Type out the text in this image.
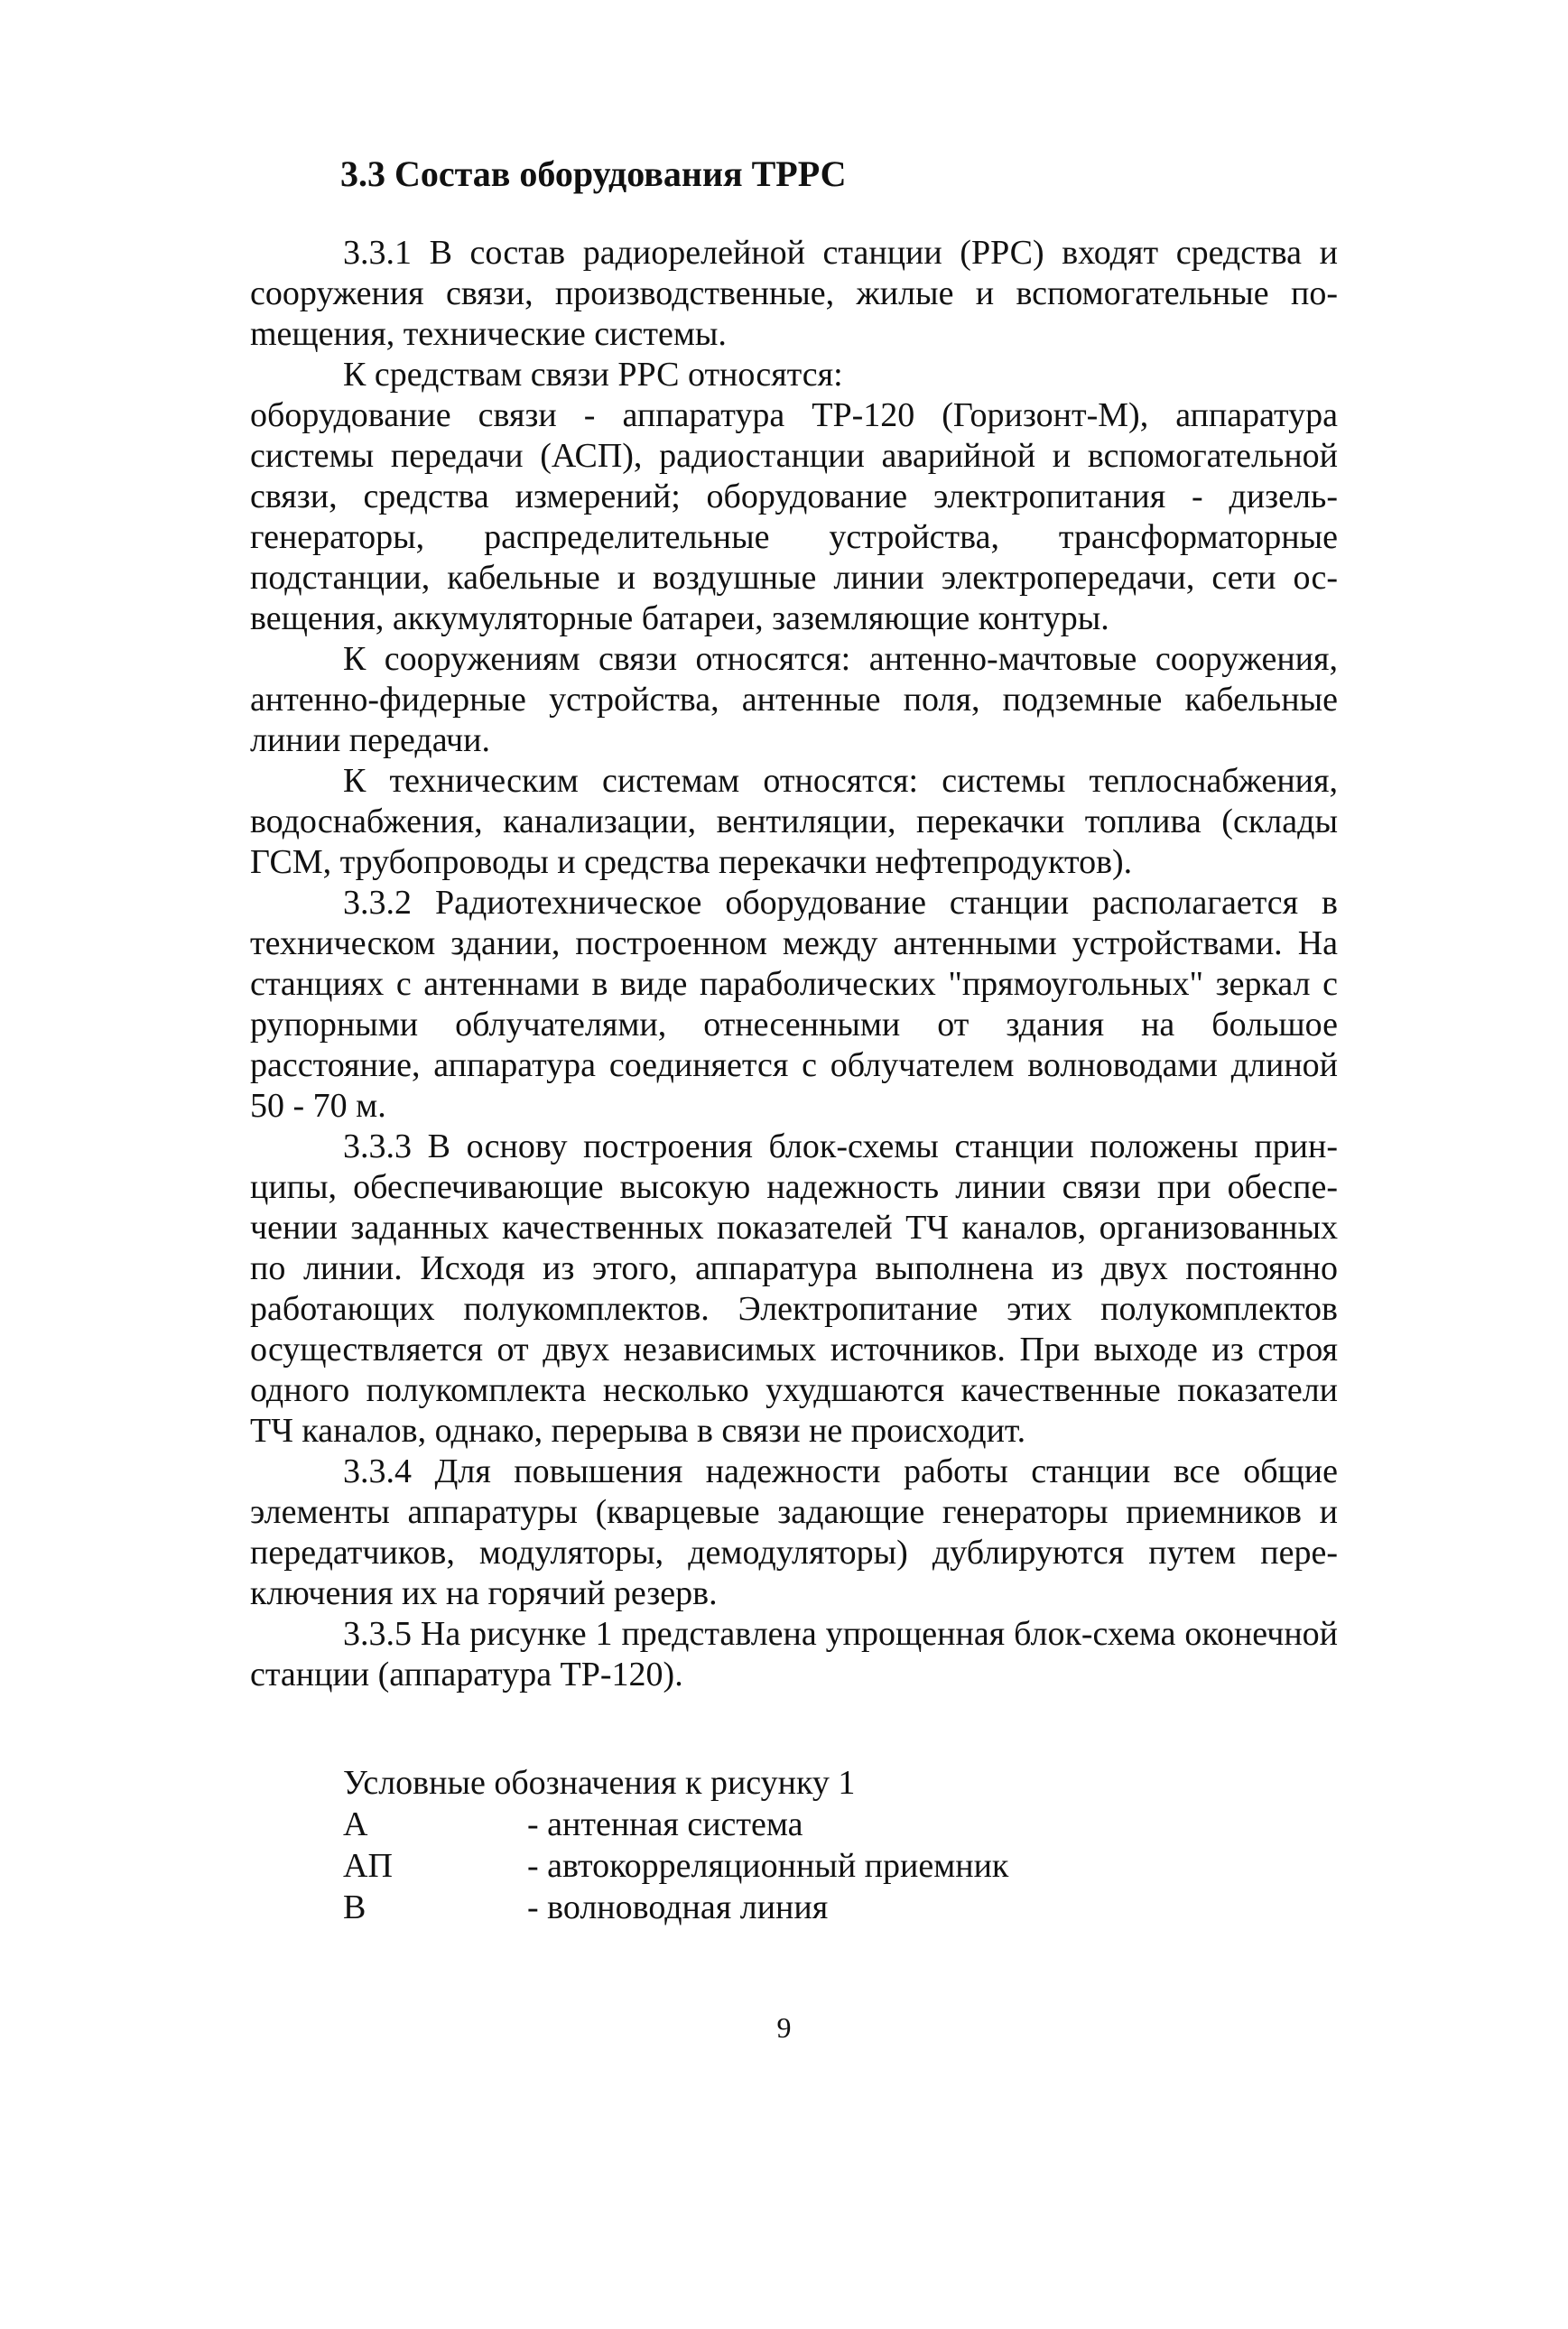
3.3 Состав оборудования ТРРС

3.3.1 В состав радиорелейной станции (РРС) входят средства и сооружения связи, производственные, жилые и вспомогательные поmещения, технические системы.

К средствам связи РРС относятся:

оборудование связи - аппаратура ТР-120 (Горизонт-М), аппаратура системы передачи (АСП), радиостанции аварийной и вспомогательной связи, средства измерений; оборудование электропитания - дизель-генераторы, распределительные устройства, трансформаторные подстанции, кабельные и воздушные линии электропередачи, сети освещения, аккумуляторные батареи, заземляющие контуры.

К сооружениям связи относятся: антенно-мачтовые сооружения, антенно-фидерные устройства, антенные поля, подземные кабельные линии передачи.

К техническим системам относятся: системы теплоснабжения, водоснабжения, канализации, вентиляции, перекачки топлива (склады ГСМ, трубопроводы и средства перекачки нефтепродуктов).

3.3.2 Радиотехническое оборудование станции располагается в техническом здании, построенном между антенными устройствами. На станциях с антеннами в виде параболических "прямоугольных" зеркал с рупорными облучателями, отнесенными от здания на большое расстояние, аппаратура соединяется с облучателем волноводами длиной 50 - 70 м.

3.3.3 В основу построения блок-схемы станции положены принципы, обеспечивающие высокую надежность линии связи при обеспечении заданных качественных показателей ТЧ каналов, организованных по линии. Исходя из этого, аппаратура выполнена из двух постоянно работающих полукомплектов. Электропитание этих полукомплектов осуществляется от двух независимых источников. При выходе из строя одного полукомплекта несколько ухудшаются качественные показатели ТЧ каналов, однако, перерыва в связи не происходит.

3.3.4 Для повышения надежности работы станции все общие элементы аппаратуры (кварцевые задающие генераторы приемников и передатчиков, модуляторы, демодуляторы) дублируются путем переключения их на горячий резерв.

3.3.5 На рисунке 1 представлена упрощенная блок-схема оконечной станции (аппаратура ТР-120).

Условные обозначения к рисунку 1
А	- антенная система
АП	- автокорреляционный приемник
В	- волноводная линия
9
